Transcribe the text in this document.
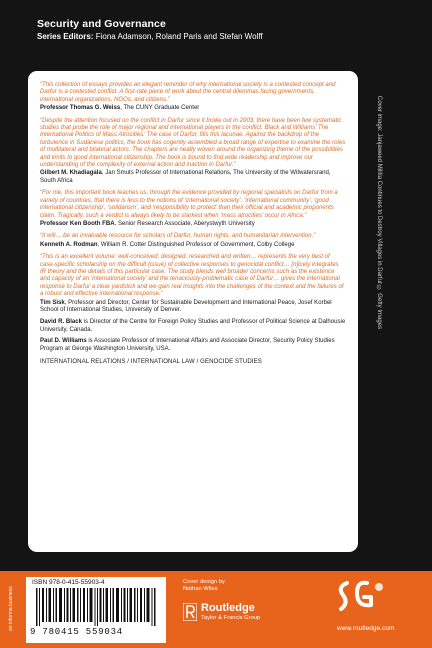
Security and Governance
Series Editors: Fiona Adamson, Roland Paris and Stefan Wolff

“This collection of essays provides an elegant reminder of why international society is a contested concept and Darfur is a contested conflict. A first-rate piece of work about the central dilemmas facing governments, international organizations, NGOs, and citizens.”

Professor Thomas G. Weiss, The CUNY Graduate Center

“Despite the attention focused on the conflict in Darfur since it broke out in 2003, there have been few systematic studies that probe the role of major regional and international players in the conflict. Black and Williams’ The International Politics of Mass Atrocities: The case of Darfur, fills this lacunae. Against the backdrop of the turbulence in Sudanese politics, the book has cogently assembled a broad range of expertise to examine the roles of multilateral and bilateral actors. The chapters are neatly woven around the organizing theme of the possibilities and limits to good international citizenship. The book is bound to find wide readership and improve our understanding of the complexity of external action and inaction in Darfur.”

Gilbert M. Khadiagala, Jan Smuts Professor of International Relations, The University of the Witwatersrand, South Africa

“For me, this important book teaches us, through the evidence provided by regional specialists on Darfur from a variety of countries, that there is less to the notions of ‘international society’, ‘international community’, ‘good international citizenship’, ‘solidarism’, and ‘responsibility to protect’ than their official and academic proponents claim. Tragically, such a verdict is always likely to be starkest when ‘mass atrocities’ occur in Africa.”

Professor Ken Booth FBA, Senior Research Associate, Aberystwyth University

“It will… be an invaluable resource for scholars of Darfur, human rights, and humanitarian intervention.”

Kenneth A. Rodman, William R. Cotter Distinguished Professor of Government, Colby College

“This is an excellent volume: well-conceived, designed, researched and written… represents the very best of case-specific scholarship on the difficult (issue) of collective responses to genocidal conflict… [n]icely integrates IR theory and the details of this particular case. The study blends well broader concerns such as the existence and capacity of an ‘international society’ and the tenaciously-problematic case of Darfur… gives the international response to Darfur a clear yardstick and we gain real insights into the challenges of the context and the failures of a robust and effective international response.”

Tim Sisk, Professor and Director, Center for Sustainable Development and International Peace, Josef Korbel School of International Studies, University of Denver.
David R. Black is Director of the Centre for Foreign Policy Studies and Professor of Political Science at Dalhousie University, Canada.
Paul D. Williams is Associate Professor of International Affairs and Associate Director, Security Policy Studies Program at George Washington University, USA.
INTERNATIONAL RELATIONS / INTERNATIONAL LAW / GENOCIDE STUDIES
Cover image: Janjaweed Militia Continues to Destroy Villages in Darfur © Getty Images
an informa business
ISBN 978-0-415-55903-4
9 780415 559034
Cover design by
Nathan Wiles
Routledge
Taylor & Francis Group
www.routledge.com
